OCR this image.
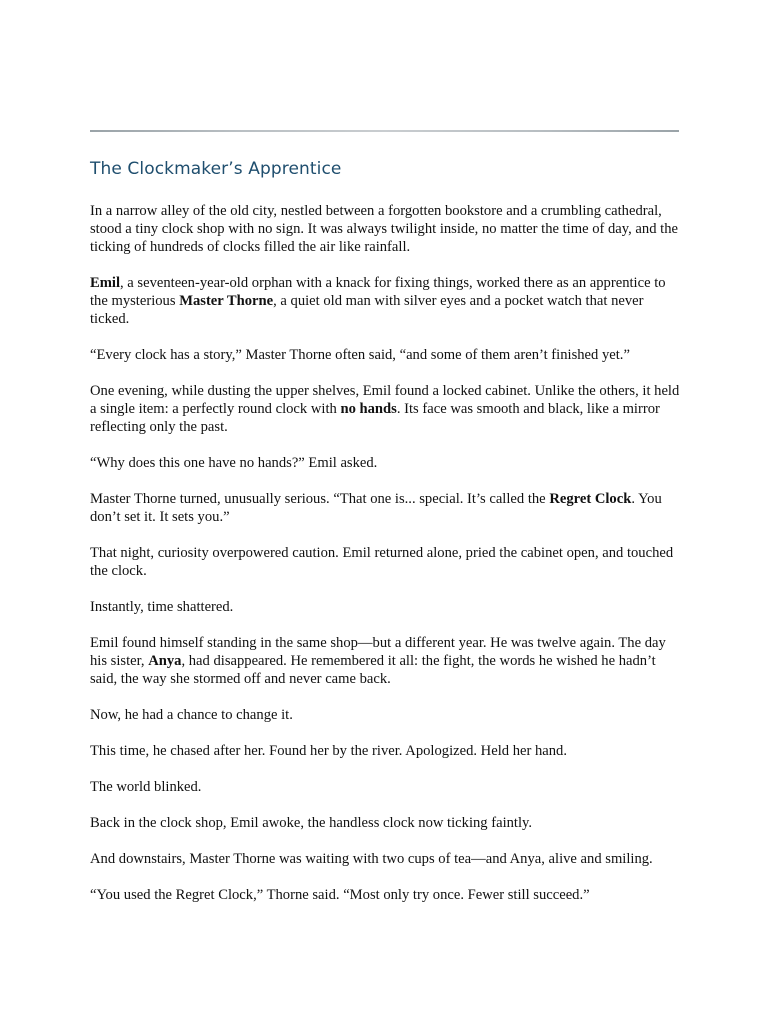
The Clockmaker’s Apprentice

In a narrow alley of the old city, nestled between a forgotten bookstore and a crumbling cathedral, stood a tiny clock shop with no sign. It was always twilight inside, no matter the time of day, and the ticking of hundreds of clocks filled the air like rainfall.

Emil, a seventeen-year-old orphan with a knack for fixing things, worked there as an apprentice to the mysterious Master Thorne, a quiet old man with silver eyes and a pocket watch that never ticked.

“Every clock has a story,” Master Thorne often said, “and some of them aren’t finished yet.”

One evening, while dusting the upper shelves, Emil found a locked cabinet. Unlike the others, it held a single item: a perfectly round clock with no hands. Its face was smooth and black, like a mirror reflecting only the past.

“Why does this one have no hands?” Emil asked.

Master Thorne turned, unusually serious. “That one is... special. It’s called the Regret Clock. You don’t set it. It sets you.”

That night, curiosity overpowered caution. Emil returned alone, pried the cabinet open, and touched the clock.

Instantly, time shattered.

Emil found himself standing in the same shop—but a different year. He was twelve again. The day his sister, Anya, had disappeared. He remembered it all: the fight, the words he wished he hadn’t said, the way she stormed off and never came back.

Now, he had a chance to change it.

This time, he chased after her. Found her by the river. Apologized. Held her hand.

The world blinked.

Back in the clock shop, Emil awoke, the handless clock now ticking faintly.

And downstairs, Master Thorne was waiting with two cups of tea—and Anya, alive and smiling.

“You used the Regret Clock,” Thorne said. “Most only try once. Fewer still succeed.”
